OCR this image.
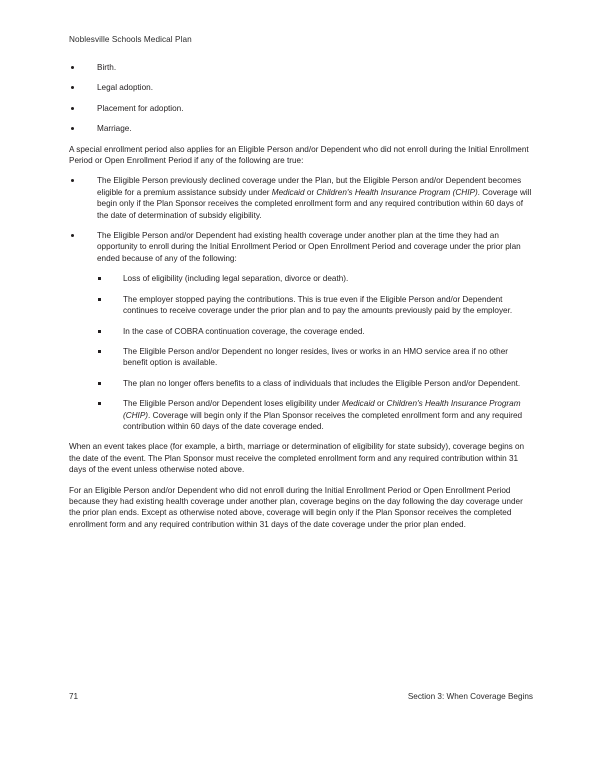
Noblesville Schools Medical Plan
Birth.
Legal adoption.
Placement for adoption.
Marriage.

A special enrollment period also applies for an Eligible Person and/or Dependent who did not enroll during the Initial Enrollment Period or Open Enrollment Period if any of the following are true:

The Eligible Person previously declined coverage under the Plan, but the Eligible Person and/or Dependent becomes eligible for a premium assistance subsidy under Medicaid or Children's Health Insurance Program (CHIP). Coverage will begin only if the Plan Sponsor receives the completed enrollment form and any required contribution within 60 days of the date of determination of subsidy eligibility.
The Eligible Person and/or Dependent had existing health coverage under another plan at the time they had an opportunity to enroll during the Initial Enrollment Period or Open Enrollment Period and coverage under the prior plan ended because of any of the following:
Loss of eligibility (including legal separation, divorce or death).
The employer stopped paying the contributions. This is true even if the Eligible Person and/or Dependent continues to receive coverage under the prior plan and to pay the amounts previously paid by the employer.
In the case of COBRA continuation coverage, the coverage ended.
The Eligible Person and/or Dependent no longer resides, lives or works in an HMO service area if no other benefit option is available.
The plan no longer offers benefits to a class of individuals that includes the Eligible Person and/or Dependent.
The Eligible Person and/or Dependent loses eligibility under Medicaid or Children's Health Insurance Program (CHIP). Coverage will begin only if the Plan Sponsor receives the completed enrollment form and any required contribution within 60 days of the date coverage ended.

When an event takes place (for example, a birth, marriage or determination of eligibility for state subsidy), coverage begins on the date of the event. The Plan Sponsor must receive the completed enrollment form and any required contribution within 31 days of the event unless otherwise noted above.

For an Eligible Person and/or Dependent who did not enroll during the Initial Enrollment Period or Open Enrollment Period because they had existing health coverage under another plan, coverage begins on the day following the day coverage under the prior plan ends. Except as otherwise noted above, coverage will begin only if the Plan Sponsor receives the completed enrollment form and any required contribution within 31 days of the date coverage under the prior plan ended.

71	Section 3: When Coverage Begins
